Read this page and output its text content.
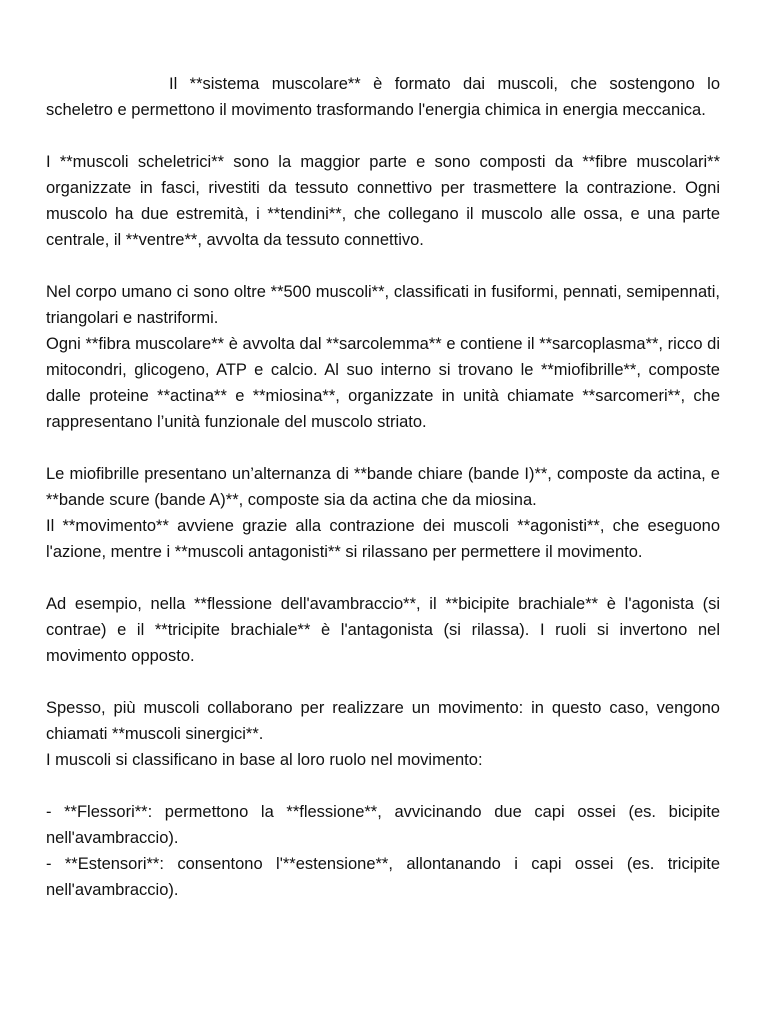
Il **sistema muscolare** è formato dai muscoli, che sostengono lo scheletro e permettono il movimento trasformando l'energia chimica in energia meccanica.

I **muscoli scheletrici** sono la maggior parte e sono composti da **fibre muscolari** organizzate in fasci, rivestiti da tessuto connettivo per trasmettere la contrazione. Ogni muscolo ha due estremità, i **tendini**, che collegano il muscolo alle ossa, e una parte centrale, il **ventre**, avvolta da tessuto connettivo.

Nel corpo umano ci sono oltre **500 muscoli**, classificati in fusiformi, pennati, semipennati, triangolari e nastriformi.

Ogni **fibra muscolare** è avvolta dal **sarcolemma** e contiene il **sarcoplasma**, ricco di mitocondri, glicogeno, ATP e calcio. Al suo interno si trovano le **miofibrille**, composte dalle proteine **actina** e **miosina**, organizzate in unità chiamate **sarcomeri**, che rappresentano l’unità funzionale del muscolo striato.

Le miofibrille presentano un’alternanza di **bande chiare (bande I)**, composte da actina, e **bande scure (bande A)**, composte sia da actina che da miosina.

Il **movimento** avviene grazie alla contrazione dei muscoli **agonisti**, che eseguono l'azione, mentre i **muscoli antagonisti** si rilassano per permettere il movimento.

Ad esempio, nella **flessione dell'avambraccio**, il **bicipite brachiale** è l'agonista (si contrae) e il **tricipite brachiale** è l'antagonista (si rilassa). I ruoli si invertono nel movimento opposto.

Spesso, più muscoli collaborano per realizzare un movimento: in questo caso, vengono chiamati **muscoli sinergici**.

I muscoli si classificano in base al loro ruolo nel movimento:

- **Flessori**: permettono la **flessione**, avvicinando due capi ossei (es. bicipite nell'avambraccio).

- **Estensori**: consentono l'**estensione**, allontanando i capi ossei (es. tricipite nell'avambraccio).
